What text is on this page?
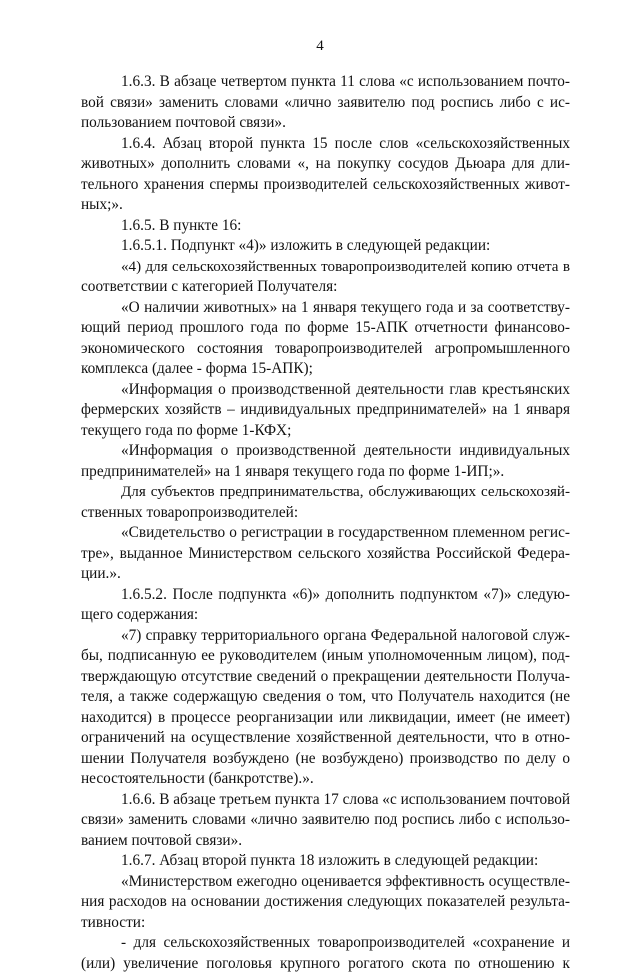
4
1.6.3. В абзаце четвертом пункта 11 слова «с использованием почто-
вой связи» заменить словами «лично заявителю под роспись либо с ис-
пользованием почтовой связи».
1.6.4. Абзац второй пункта 15 после слов «сельскохозяйственных
животных» дополнить словами «, на покупку сосудов Дьюара для дли-
тельного хранения спермы производителей сельскохозяйственных живот-
ных;».
1.6.5. В пункте 16:
1.6.5.1. Подпункт «4)» изложить в следующей редакции:
«4) для сельскохозяйственных товаропроизводителей копию отчета в
соответствии с категорией Получателя:
«О наличии животных» на 1 января текущего года и за соответству-
ющий период прошлого года по форме 15-АПК отчетности финансово-
экономического состояния товаропроизводителей агропромышленного
комплекса (далее - форма 15-АПК);
«Информация о производственной деятельности глав крестьянских
фермерских хозяйств – индивидуальных предпринимателей» на 1 января
текущего года по форме 1-КФХ;
«Информация о производственной деятельности индивидуальных
предпринимателей» на 1 января текущего года по форме 1-ИП;».
Для субъектов предпринимательства, обслуживающих сельскохозяй-
ственных товаропроизводителей:
«Свидетельство о регистрации в государственном племенном регис-
тре», выданное Министерством сельского хозяйства Российской Федера-
ции.».
1.6.5.2. После подпункта «6)» дополнить подпунктом «7)» следую-
щего содержания:
«7) справку территориального органа Федеральной налоговой служ-
бы, подписанную ее руководителем (иным уполномоченным лицом), под-
тверждающую отсутствие сведений о прекращении деятельности Получа-
теля, а также содержащую сведения о том, что Получатель находится (не
находится) в процессе реорганизации или ликвидации, имеет (не имеет)
ограничений на осуществление хозяйственной деятельности, что в отно-
шении Получателя возбуждено (не возбуждено) производство по делу о
несостоятельности (банкротстве).».
1.6.6. В абзаце третьем пункта 17 слова «с использованием почтовой
связи» заменить словами «лично заявителю под роспись либо с использо-
ванием почтовой связи».
1.6.7. Абзац второй пункта 18 изложить в следующей редакции:
«Министерством ежегодно оценивается эффективность осуществле-
ния расходов на основании достижения следующих показателей результа-
тивности:
- для сельскохозяйственных товаропроизводителей «сохранение и
(или) увеличение поголовья крупного рогатого скота по отношению к
